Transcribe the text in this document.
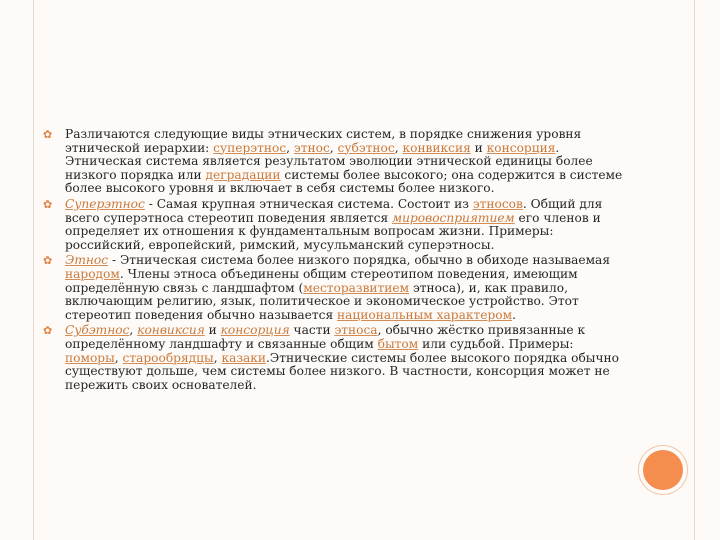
✿	Различаются следующие виды этнических систем, в порядке снижения уровня этнической иерархии: суперэтнос, этнос, субэтнос, конвиксия и консорция. Этническая система является результатом эволюции этнической единицы более низкого порядка или деградации системы более высокого; она содержится в системе более высокого уровня и включает в себя системы более низкого.
✿	Суперэтнос - Самая крупная этническая система. Состоит из этносов. Общий для всего суперэтноса стереотип поведения является мировосприятием его членов и определяет их отношения к фундаментальным вопросам жизни. Примеры: российский, европейский, римский, мусульманский суперэтносы.
✿	Этнос - Этническая система более низкого порядка, обычно в обиходе называемая народом. Члены этноса объединены общим стереотипом поведения, имеющим определённую связь с ландшафтом (месторазвитием этноса), и, как правило, включающим религию, язык, политическое и экономическое устройство. Этот стереотип поведения обычно называется национальным характером.
✿	Субэтнос, конвиксия и консорция части этноса, обычно жёстко привязанные к определённому ландшафту и связанные общим бытом или судьбой. Примеры: поморы, старообрядцы, казаки.Этнические системы более высокого порядка обычно существуют дольше, чем системы более низкого. В частности, консорция может не пережить своих основателей.
